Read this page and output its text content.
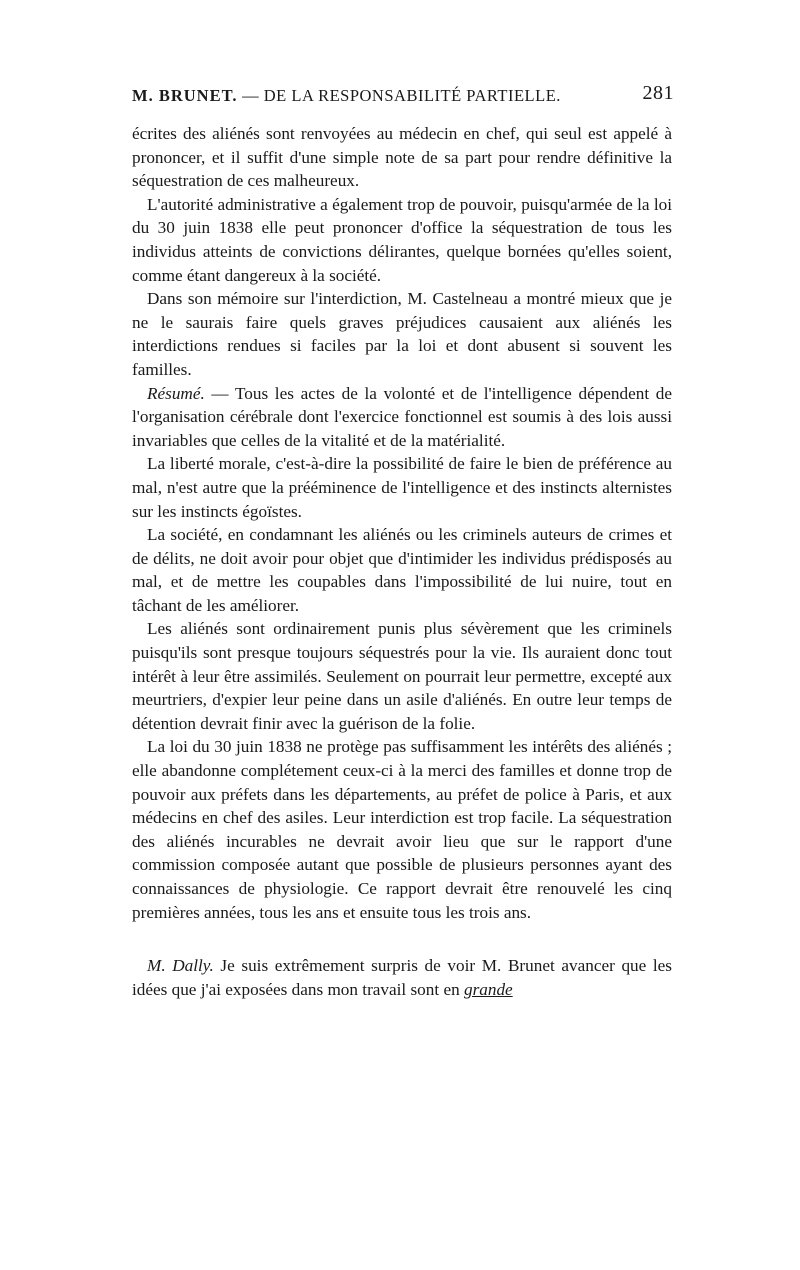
M. BRUNET. — DE LA RESPONSABILITÉ PARTIELLE.	281

écrites des aliénés sont renvoyées au médecin en chef, qui seul est appelé à prononcer, et il suffit d'une simple note de sa part pour rendre définitive la séquestration de ces malheureux.

L'autorité administrative a également trop de pouvoir, puisqu'armée de la loi du 30 juin 1838 elle peut prononcer d'office la séquestration de tous les individus atteints de convictions délirantes, quelque bornées qu'elles soient, comme étant dangereux à la société.

Dans son mémoire sur l'interdiction, M. Castelneau a montré mieux que je ne le saurais faire quels graves préjudices causaient aux aliénés les interdictions rendues si faciles par la loi et dont abusent si souvent les familles.

Résumé. — Tous les actes de la volonté et de l'intelligence dépendent de l'organisation cérébrale dont l'exercice fonctionnel est soumis à des lois aussi invariables que celles de la vitalité et de la matérialité.

La liberté morale, c'est-à-dire la possibilité de faire le bien de préférence au mal, n'est autre que la prééminence de l'intelligence et des instincts alternistes sur les instincts égoïstes.

La société, en condamnant les aliénés ou les criminels auteurs de crimes et de délits, ne doit avoir pour objet que d'intimider les individus prédisposés au mal, et de mettre les coupables dans l'impossibilité de lui nuire, tout en tâchant de les améliorer.

Les aliénés sont ordinairement punis plus sévèrement que les criminels puisqu'ils sont presque toujours séquestrés pour la vie. Ils auraient donc tout intérêt à leur être assimilés. Seulement on pourrait leur permettre, excepté aux meurtriers, d'expier leur peine dans un asile d'aliénés. En outre leur temps de détention devrait finir avec la guérison de la folie.

La loi du 30 juin 1838 ne protège pas suffisamment les intérêts des aliénés ; elle abandonne complétement ceux-ci à la merci des familles et donne trop de pouvoir aux préfets dans les départements, au préfet de police à Paris, et aux médecins en chef des asiles. Leur interdiction est trop facile. La séquestration des aliénés incurables ne devrait avoir lieu que sur le rapport d'une commission composée autant que possible de plusieurs personnes ayant des connaissances de physiologie. Ce rapport devrait être renouvelé les cinq premières années, tous les ans et ensuite tous les trois ans.

M. Dally. Je suis extrêmement surpris de voir M. Brunet avancer que les idées que j'ai exposées dans mon travail sont en grande
